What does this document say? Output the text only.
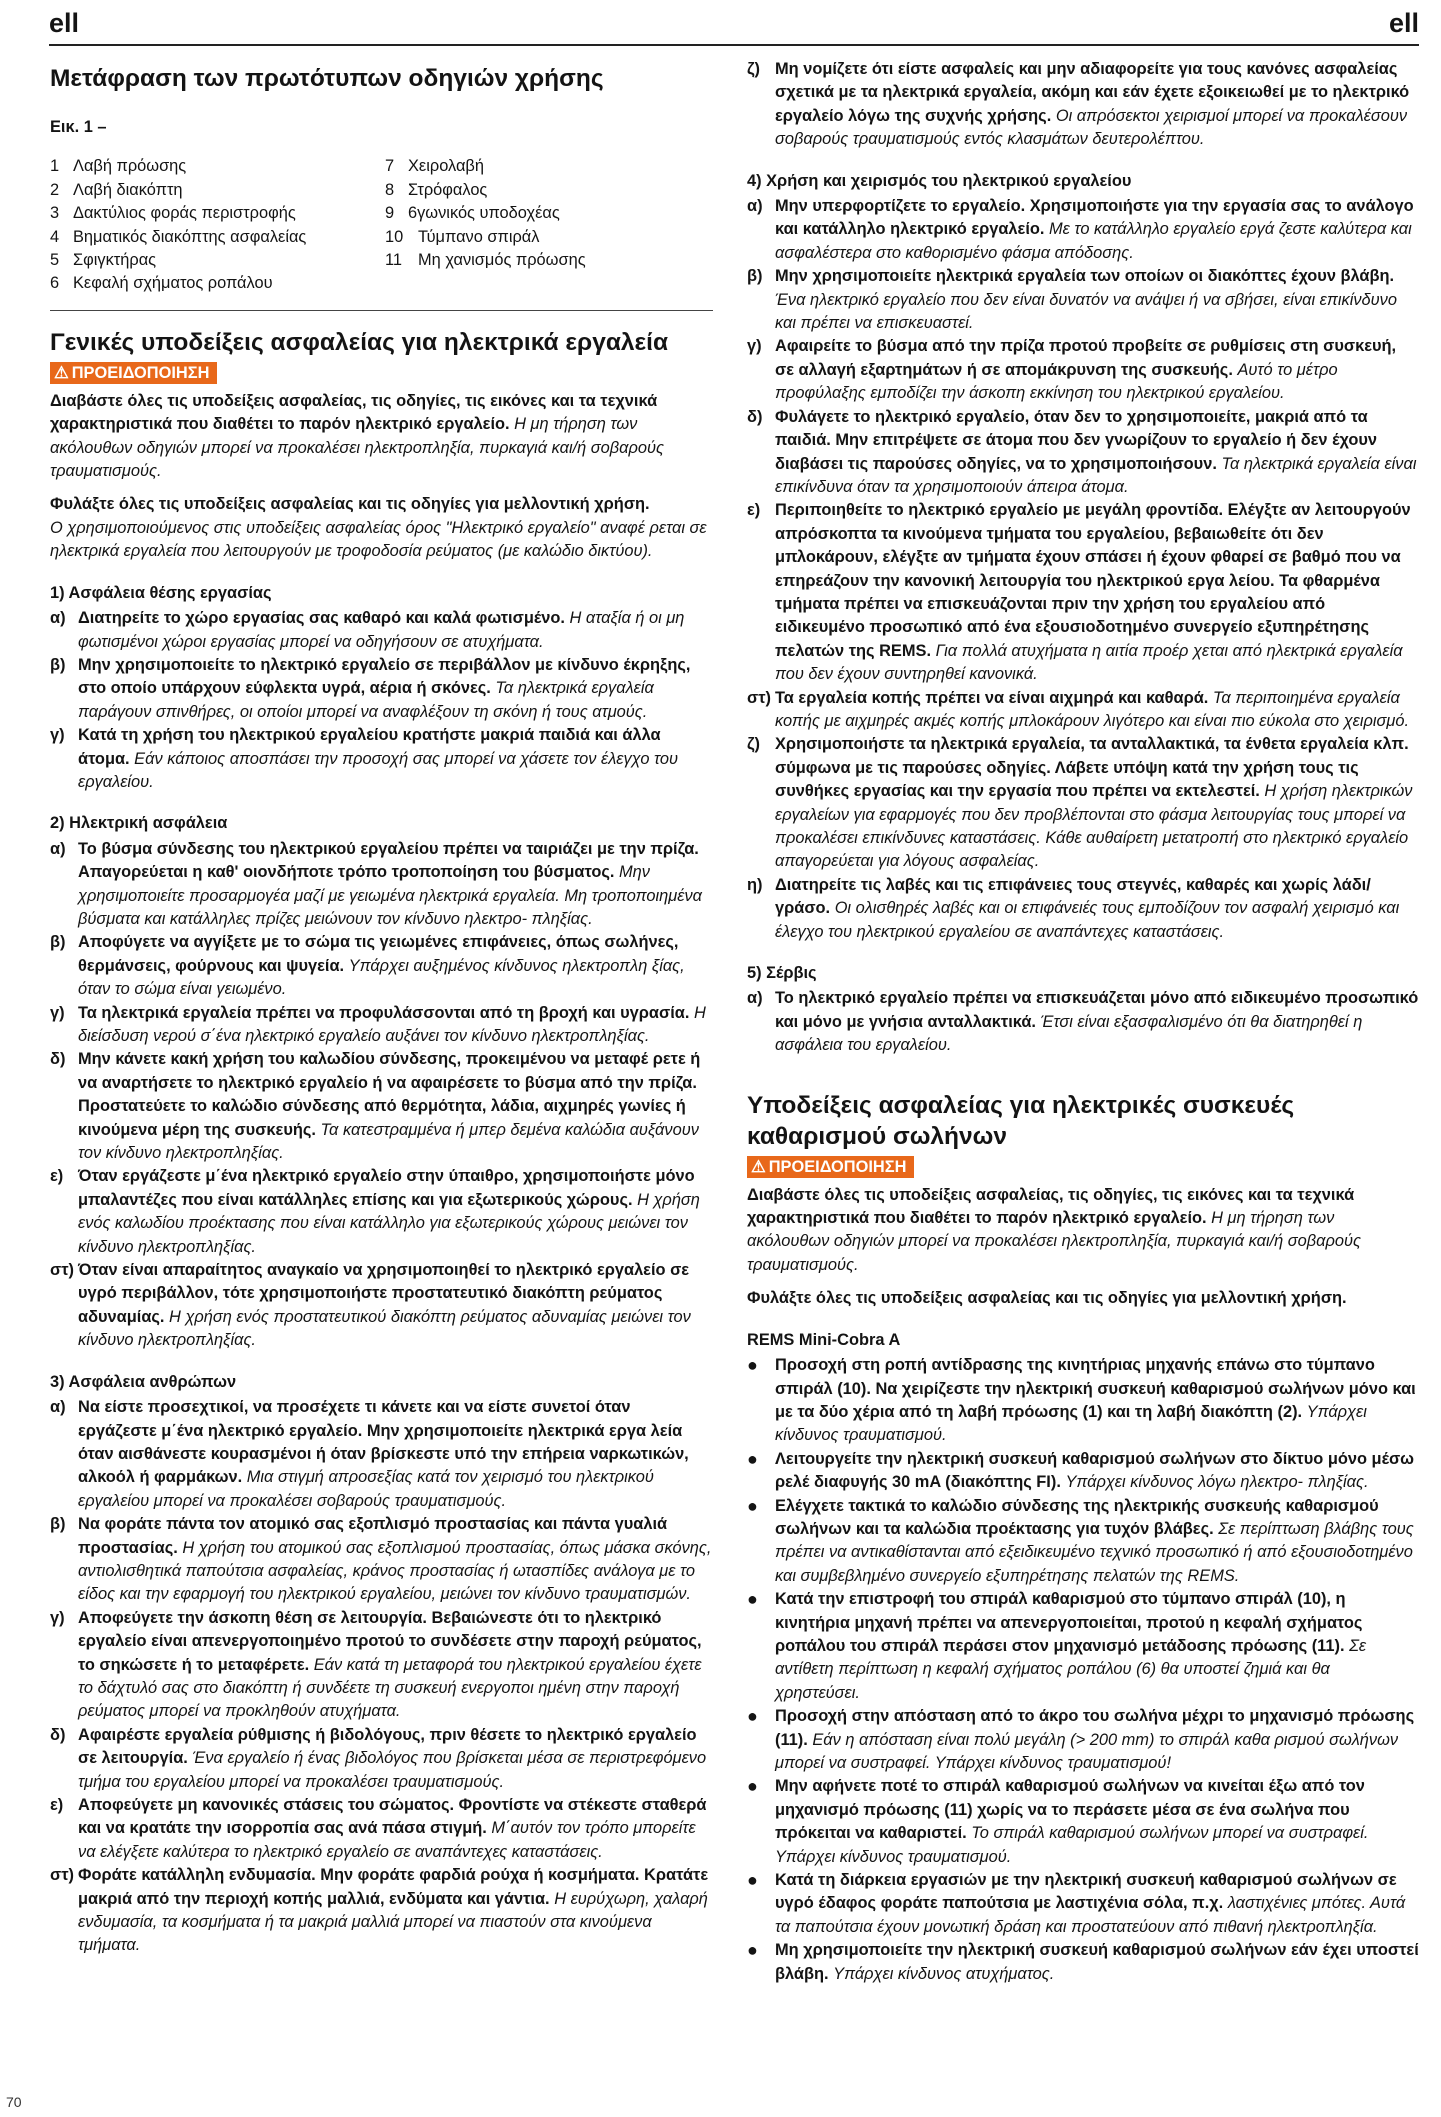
ell	ell
Μετάφραση των πρωτότυπων οδηγιών χρήσης
Εικ. 1 –
1 Λαβή πρόωσης	7 Χειρολαβή
2 Λαβή διακόπτη	8 Στρόφαλος
3 Δακτύλιος φοράς περιστροφής	9 6γωνικός υποδοχέας
4 Βηματικός διακόπτης ασφαλείας	10 Τύμπανο σπιράλ
5 Σφιγκτήρας	11 Μη χανισμός πρόωσης
6 Κεφαλή σχήματος ροπάλου
Γενικές υποδείξεις ασφαλείας για ηλεκτρικά εργαλεία
⚠ ΠΡΟΕΙΔΟΠΟΙΗΣΗ
Διαβάστε όλες τις υποδείξεις ασφαλείας, τις οδηγίες, τις εικόνες και τα τεχνικά χαρακτηριστικά που διαθέτει το παρόν ηλεκτρικό εργαλείο. Η μη τήρηση των ακόλουθων οδηγιών μπορεί να προκαλέσει ηλεκτροπληξία, πυρκαγιά και/ή σοβαρούς τραυματισμούς.
Φυλάξτε όλες τις υποδείξεις ασφαλείας και τις οδηγίες για μελλοντική χρήση.
Ο χρησιμοποιούμενος στις υποδείξεις ασφαλείας όρος "Ηλεκτρικό εργαλείο" αναφέ ρεται σε ηλεκτρικά εργαλεία που λειτουργούν με τροφοδοσία ρεύματος (με καλώδιο δικτύου).
1) Ασφάλεια θέσης εργασίας
α) Διατηρείτε το χώρο εργασίας σας καθαρό και καλά φωτισμένο. Η αταξία ή οι μη φωτισμένοι χώροι εργασίας μπορεί να οδηγήσουν σε ατυχήματα.
β) Μην χρησιμοποιείτε το ηλεκτρικό εργαλείο σε περιβάλλον με κίνδυνο έκρηξης, στο οποίο υπάρχουν εύφλεκτα υγρά, αέρια ή σκόνες. Τα ηλεκτρικά εργαλεία παράγουν σπινθήρες, οι οποίοι μπορεί να αναφλέξουν τη σκόνη ή τους ατμούς.
γ) Κατά τη χρήση του ηλεκτρικού εργαλείου κρατήστε μακριά παιδιά και άλλα άτομα. Εάν κάποιος αποσπάσει την προσοχή σας μπορεί να χάσετε τον έλεγχο του εργαλείου.
2) Ηλεκτρική ασφάλεια
α) Το βύσμα σύνδεσης του ηλεκτρικού εργαλείου πρέπει να ταιριάζει με την πρίζα. Απαγορεύεται η καθ' οιονδήποτε τρόπο τροποποίηση του βύσματος. Μην χρησιμοποιείτε προσαρμογέα μαζί με γειωμένα ηλεκτρικά εργαλεία. Μη τροποποιημένα βύσματα και κατάλληλες πρίζες μειώνουν τον κίνδυνο ηλεκτρο- πληξίας.
β) Αποφύγετε να αγγίξετε με το σώμα τις γειωμένες επιφάνειες, όπως σωλήνες, θερμάνσεις, φούρνους και ψυγεία. Υπάρχει αυξημένος κίνδυνος ηλεκτροπλη ξίας, όταν το σώμα είναι γειωμένο.
γ) Τα ηλεκτρικά εργαλεία πρέπει να προφυλάσσονται από τη βροχή και υγρασία. Η διείσδυση νερού σ΄ένα ηλεκτρικό εργαλείο αυξάνει τον κίνδυνο ηλεκτροπληξίας.
δ) Μην κάνετε κακή χρήση του καλωδίου σύνδεσης, προκειμένου να μεταφέ ρετε ή να αναρτήσετε το ηλεκτρικό εργαλείο ή να αφαιρέσετε το βύσμα από την πρίζα. Προστατεύετε το καλώδιο σύνδεσης από θερμότητα, λάδια, αιχμηρές γωνίες ή κινούμενα μέρη της συσκευής. Τα κατεστραμμένα ή μπερ δεμένα καλώδια αυξάνουν τον κίνδυνο ηλεκτροπληξίας.
ε) Όταν εργάζεστε μ΄ένα ηλεκτρικό εργαλείο στην ύπαιθρο, χρησιμοποιήστε μόνο μπαλαντέζες που είναι κατάλληλες επίσης και για εξωτερικούς χώρους. Η χρήση ενός καλωδίου προέκτασης που είναι κατάλληλο για εξωτερικούς χώρους μειώνει τον κίνδυνο ηλεκτροπληξίας.
στ) Όταν είναι απαραίτητος αναγκαίο να χρησιμοποιηθεί το ηλεκτρικό εργαλείο σε υγρό περιβάλλον, τότε χρησιμοποιήστε προστατευτικό διακόπτη ρεύματος αδυναμίας. Η χρήση ενός προστατευτικού διακόπτη ρεύματος αδυναμίας μειώνει τον κίνδυνο ηλεκτροπληξίας.
3) Ασφάλεια ανθρώπων
α) Να είστε προσεχτικοί, να προσέχετε τι κάνετε και να είστε συνετοί όταν εργάζεστε μ΄ένα ηλεκτρικό εργαλείο. Μην χρησιμοποιείτε ηλεκτρικά εργα λεία όταν αισθάνεστε κουρασμένοι ή όταν βρίσκεστε υπό την επήρεια ναρκωτικών, αλκοόλ ή φαρμάκων. Μια στιγμή απροσεξίας κατά τον χειρισμό του ηλεκτρικού εργαλείου μπορεί να προκαλέσει σοβαρούς τραυματισμούς.
β) Να φοράτε πάντα τον ατομικό σας εξοπλισμό προστασίας και πάντα γυαλιά προστασίας. Η χρήση του ατομικού σας εξοπλισμού προστασίας, όπως μάσκα σκόνης, αντιολισθητικά παπούτσια ασφαλείας, κράνος προστασίας ή ωτασπίδες ανάλογα με το είδος και την εφαρμογή του ηλεκτρικού εργαλείου, μειώνει τον κίνδυνο τραυματισμών.
γ) Αποφεύγετε την άσκοπη θέση σε λειτουργία. Βεβαιώνεστε ότι το ηλεκτρικό εργαλείο είναι απενεργοποιημένο προτού το συνδέσετε στην παροχή ρεύματος, το σηκώσετε ή το μεταφέρετε. Εάν κατά τη μεταφορά του ηλεκτρικού εργαλείου έχετε το δάχτυλό σας στο διακόπτη ή συνδέετε τη συσκευή ενεργοποι ημένη στην παροχή ρεύματος μπορεί να προκληθούν ατυχήματα.
δ) Αφαιρέστε εργαλεία ρύθμισης ή βιδολόγους, πριν θέσετε το ηλεκτρικό εργαλείο σε λειτουργία. Ένα εργαλείο ή ένας βιδολόγος που βρίσκεται μέσα σε περιστρεφόμενο τμήμα του εργαλείου μπορεί να προκαλέσει τραυματισμούς.
ε) Αποφεύγετε μη κανονικές στάσεις του σώματος. Φροντίστε να στέκεστε σταθερά και να κρατάτε την ισορροπία σας ανά πάσα στιγμή. Μ΄αυτόν τον τρόπο μπορείτε να ελέγξετε καλύτερα το ηλεκτρικό εργαλείο σε αναπάντεχες καταστάσεις.
στ) Φοράτε κατάλληλη ενδυμασία. Μην φοράτε φαρδιά ρούχα ή κοσμήματα. Κρατάτε μακριά από την περιοχή κοπής μαλλιά, ενδύματα και γάντια. Η ευρύχωρη, χαλαρή ενδυμασία, τα κοσμήματα ή τα μακριά μαλλιά μπορεί να πιαστούν στα κινούμενα τμήματα.
ζ) Μη νομίζετε ότι είστε ασφαλείς και μην αδιαφορείτε για τους κανόνες ασφαλείας σχετικά με τα ηλεκτρικά εργαλεία, ακόμη και εάν έχετε εξοικειωθεί με το ηλεκτρικό εργαλείο λόγω της συχνής χρήσης. Οι απρόσεκτοι χειρισμοί μπορεί να προκαλέσουν σοβαρούς τραυματισμούς εντός κλασμάτων δευτερολέπτου.
4) Χρήση και χειρισμός του ηλεκτρικού εργαλείου
α) Μην υπερφορτίζετε το εργαλείο. Χρησιμοποιήστε για την εργασία σας το ανάλογο και κατάλληλο ηλεκτρικό εργαλείο. Με το κατάλληλο εργαλείο εργά ζεστε καλύτερα και ασφαλέστερα στο καθορισμένο φάσμα απόδοσης.
β) Μην χρησιμοποιείτε ηλεκτρικά εργαλεία των οποίων οι διακόπτες έχουν βλάβη. Ένα ηλεκτρικό εργαλείο που δεν είναι δυνατόν να ανάψει ή να σβήσει, είναι επικίνδυνο και πρέπει να επισκευαστεί.
γ) Αφαιρείτε το βύσμα από την πρίζα προτού προβείτε σε ρυθμίσεις στη συσκευή, σε αλλαγή εξαρτημάτων ή σε απομάκρυνση της συσκευής. Αυτό το μέτρο προφύλαξης εμποδίζει την άσκοπη εκκίνηση του ηλεκτρικού εργαλείου.
δ) Φυλάγετε το ηλεκτρικό εργαλείο, όταν δεν το χρησιμοποιείτε, μακριά από τα παιδιά. Μην επιτρέψετε σε άτομα που δεν γνωρίζουν το εργαλείο ή δεν έχουν διαβάσει τις παρούσες οδηγίες, να το χρησιμοποιήσουν. Τα ηλεκτρικά εργαλεία είναι επικίνδυνα όταν τα χρησιμοποιούν άπειρα άτομα.
ε) Περιποιηθείτε το ηλεκτρικό εργαλείο με μεγάλη φροντίδα. Ελέγξτε αν λειτουργούν απρόσκοπτα τα κινούμενα τμήματα του εργαλείου, βεβαιωθείτε ότι δεν μπλοκάρουν, ελέγξτε αν τμήματα έχουν σπάσει ή έχουν φθαρεί σε βαθμό που να επηρεάζουν την κανονική λειτουργία του ηλεκτρικού εργα λείου. Τα φθαρμένα τμήματα πρέπει να επισκευάζονται πριν την χρήση του εργαλείου από ειδικευμένο προσωπικό από ένα εξουσιοδοτημένο συνεργείο εξυπηρέτησης πελατών της REMS. Για πολλά ατυχήματα η αιτία προέρ χεται από ηλεκτρικά εργαλεία που δεν έχουν συντηρηθεί κανονικά.
στ) Τα εργαλεία κοπής πρέπει να είναι αιχμηρά και καθαρά. Τα περιποιημένα εργαλεία κοπής με αιχμηρές ακμές κοπής μπλοκάρουν λιγότερο και είναι πιο εύκολα στο χειρισμό.
ζ) Χρησιμοποιήστε τα ηλεκτρικά εργαλεία, τα ανταλλακτικά, τα ένθετα εργαλεία κλπ. σύμφωνα με τις παρούσες οδηγίες. Λάβετε υπόψη κατά την χρήση τους τις συνθήκες εργασίας και την εργασία που πρέπει να εκτελεστεί. Η χρήση ηλεκτρικών εργαλείων για εφαρμογές που δεν προβλέπονται στο φάσμα λειτουργίας τους μπορεί να προκαλέσει επικίνδυνες καταστάσεις. Κάθε αυθαίρετη μετατροπή στο ηλεκτρικό εργαλείο απαγορεύεται για λόγους ασφαλείας.
η) Διατηρείτε τις λαβές και τις επιφάνειες τους στεγνές, καθαρές και χωρίς λάδι/γράσο. Οι ολισθηρές λαβές και οι επιφάνειές τους εμποδίζουν τον ασφαλή χειρισμό και έλεγχο του ηλεκτρικού εργαλείου σε αναπάντεχες καταστάσεις.
5) Σέρβις
α) Το ηλεκτρικό εργαλείο πρέπει να επισκευάζεται μόνο από ειδικευμένο προσωπικό και μόνο με γνήσια ανταλλακτικά. Έτσι είναι εξασφαλισμένο ότι θα διατηρηθεί η ασφάλεια του εργαλείου.
Υποδείξεις ασφαλείας για ηλεκτρικές συσκευές καθαρισμού σωλήνων
⚠ ΠΡΟΕΙΔΟΠΟΙΗΣΗ
Διαβάστε όλες τις υποδείξεις ασφαλείας, τις οδηγίες, τις εικόνες και τα τεχνικά χαρακτηριστικά που διαθέτει το παρόν ηλεκτρικό εργαλείο. Η μη τήρηση των ακόλουθων οδηγιών μπορεί να προκαλέσει ηλεκτροπληξία, πυρκαγιά και/ή σοβαρούς τραυματισμούς.
Φυλάξτε όλες τις υποδείξεις ασφαλείας και τις οδηγίες για μελλοντική χρήση.
REMS Mini-Cobra A
●	Προσοχή στη ροπή αντίδρασης της κινητήριας μηχανής επάνω στο τύμπανο σπιράλ (10). Να χειρίζεστε την ηλεκτρική συσκευή καθαρισμού σωλήνων μόνο και με τα δύο χέρια από τη λαβή πρόωσης (1) και τη λαβή διακόπτη (2). Υπάρχει κίνδυνος τραυματισμού.
●	Λειτουργείτε την ηλεκτρική συσκευή καθαρισμού σωλήνων στο δίκτυο μόνο μέσω ρελέ διαφυγής 30 mA (διακόπτης FI). Υπάρχει κίνδυνος λόγω ηλεκτρο- πληξίας.
●	Ελέγχετε τακτικά το καλώδιο σύνδεσης της ηλεκτρικής συσκευής καθαρισμού σωλήνων και τα καλώδια προέκτασης για τυχόν βλάβες. Σε περίπτωση βλάβης τους πρέπει να αντικαθίστανται από εξειδικευμένο τεχνικό προσωπικό ή από εξουσιοδοτημένο και συμβεβλημένο συνεργείο εξυπηρέτησης πελατών της REMS.
●	Κατά την επιστροφή του σπιράλ καθαρισμού στο τύμπανο σπιράλ (10), η κινητήρια μηχανή πρέπει να απενεργοποιείται, προτού η κεφαλή σχήματος ροπάλου του σπιράλ περάσει στον μηχανισμό μετάδοσης πρόωσης (11). Σε αντίθετη περίπτωση η κεφαλή σχήματος ροπάλου (6) θα υποστεί ζημιά και θα χρηστεύσει.
●	Προσοχή στην απόσταση από το άκρο του σωλήνα μέχρι το μηχανισμό πρόωσης (11). Εάν η απόσταση είναι πολύ μεγάλη (> 200 mm) το σπιράλ καθα ρισμού σωλήνων μπορεί να συστραφεί. Υπάρχει κίνδυνος τραυματισμού!
●	Μην αφήνετε ποτέ το σπιράλ καθαρισμού σωλήνων να κινείται έξω από τον μηχανισμό πρόωσης (11) χωρίς να το περάσετε μέσα σε ένα σωλήνα που πρόκειται να καθαριστεί. Το σπιράλ καθαρισμού σωλήνων μπορεί να συστραφεί. Υπάρχει κίνδυνος τραυματισμού.
●	Κατά τη διάρκεια εργασιών με την ηλεκτρική συσκευή καθαρισμού σωλήνων σε υγρό έδαφος φοράτε παπούτσια με λαστιχένια σόλα, π.χ. λαστιχένιες μπότες. Αυτά τα παπούτσια έχουν μονωτική δράση και προστατεύουν από πιθανή ηλεκτροπληξία.
●	Μη χρησιμοποιείτε την ηλεκτρική συσκευή καθαρισμού σωλήνων εάν έχει υποστεί βλάβη. Υπάρχει κίνδυνος ατυχήματος.
70
